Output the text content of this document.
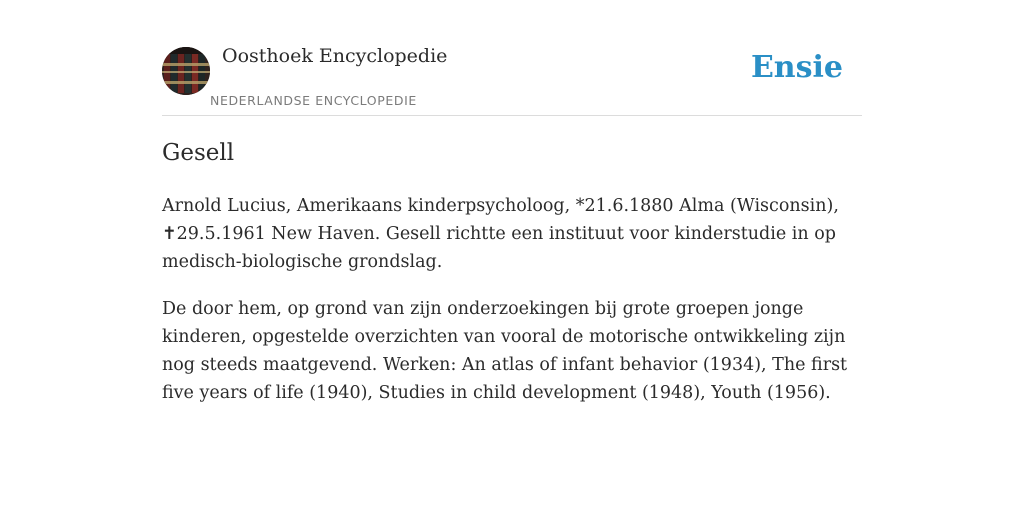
Oosthoek Encyclopedie
NEDERLANDSE ENCYCLOPEDIE
Ensie
Gesell

Arnold Lucius, Amerikaans kinderpsycholoog, *21.6.1880 Alma (Wisconsin), ✝29.5.1961 New Haven. Gesell richtte een instituut voor kinderstudie in op medisch-biologische grondslag.

De door hem, op grond van zijn onderzoekingen bij grote groepen jonge kinderen, opgestelde overzichten van vooral de motorische ontwikkeling zijn nog steeds maatgevend. Werken: An atlas of infant behavior (1934), The first five years of life (1940), Studies in child development (1948), Youth (1956).
